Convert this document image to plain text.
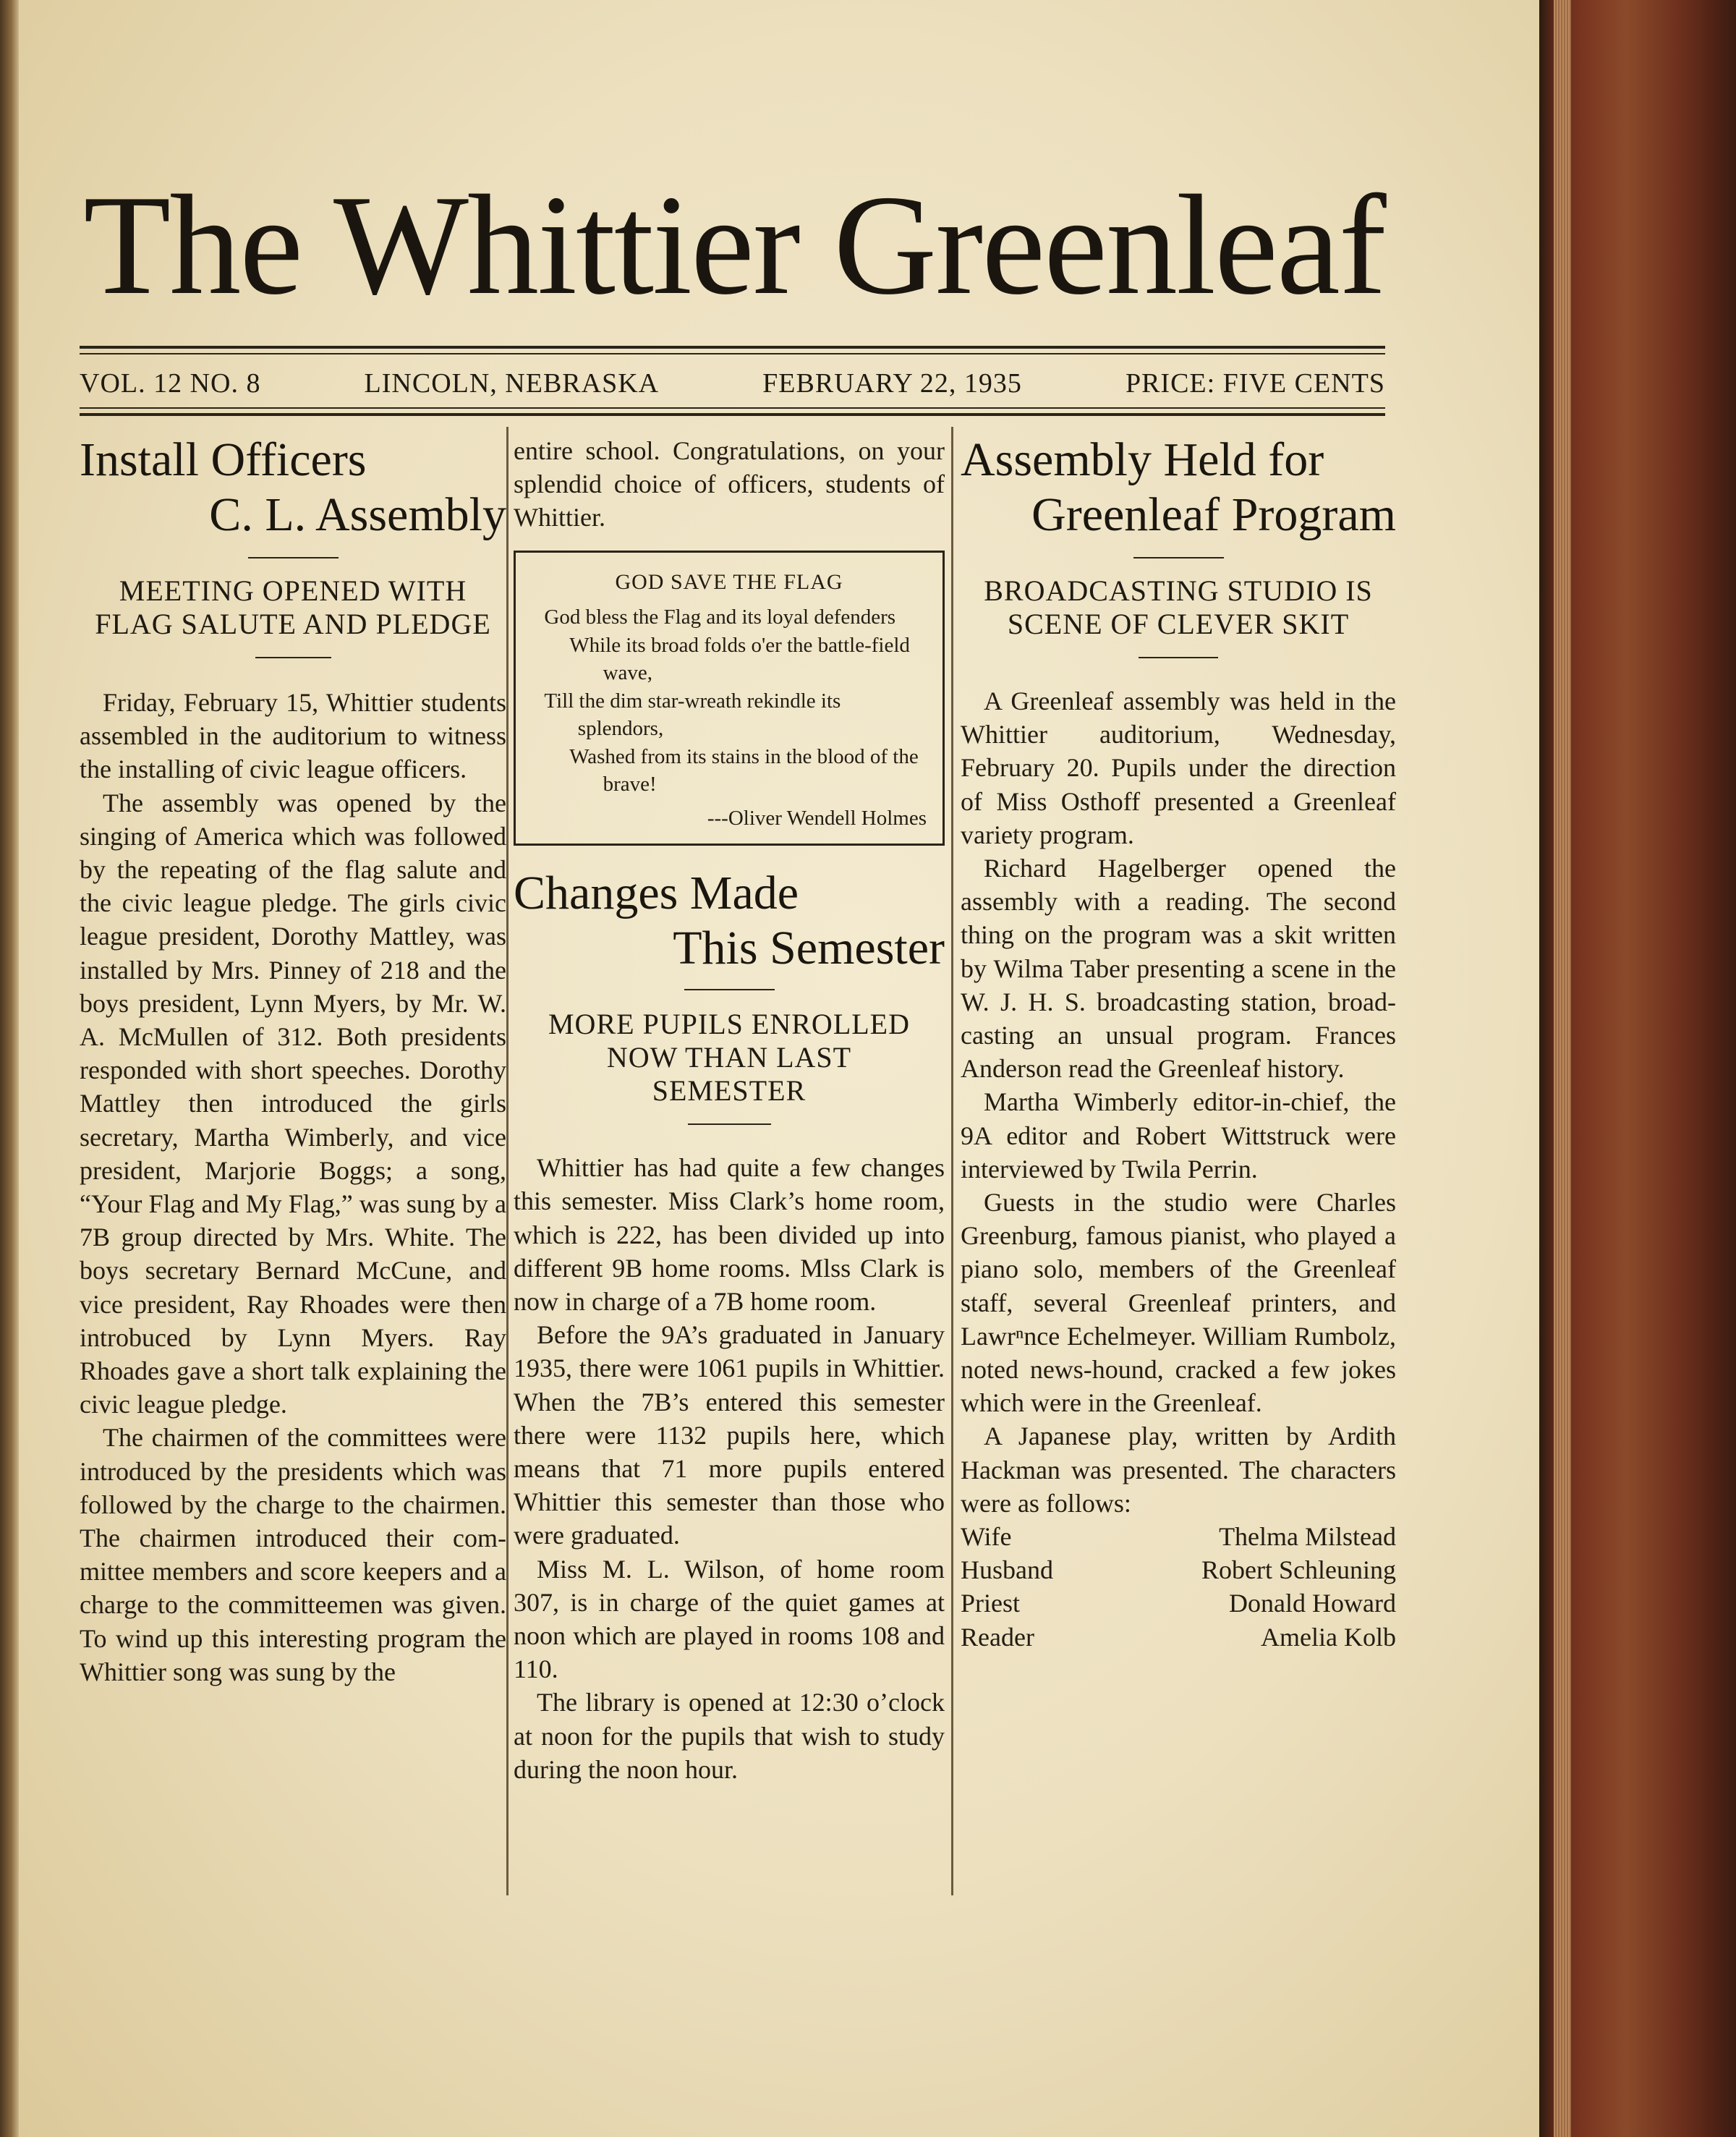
The Whittier Greenleaf
VOL. 12 NO. 8	LINCOLN, NEBRASKA	FEBRUARY 22, 1935	PRICE: FIVE CENTS
Install Officers
C. L. Assembly
MEETING OPENED WITH FLAG SALUTE AND PLEDGE

Friday, February 15, Whittier students assembled in the auditorium to witness the installing of civic league officers.

The assembly was opened by the singing of America which was followed by the repeating of the flag salute and the civic league pledge. The girls civic league president, Dorothy Mattley, was installed by Mrs. Pinney of 218 and the boys president, Lynn Myers, by Mr. W. A. McMullen of 312. Both presidents responded with short speeches. Dorothy Mattley then introduced the girls secretary, Martha Wimberly, and vice president, Marjorie Boggs; a song, “Your Flag and My Flag,” was sung by a 7B group directed by Mrs. White. The boys secretary Bernard McCune, and vice president, Ray Rhoades were then introbuced by Lynn Myers. Ray Rhoades gave a short talk explaining the civic league pledge.

The chairmen of the committees were introduced by the presidents which was followed by the charge to the chairmen. The chairmen introduced their committee members and score keepers and a charge to the committeemen was given. To wind up this interesting program the Whittier song was sung by the

entire school. Congratulations, on your splendid choice of officers, students of Whittier.

GOD SAVE THE FLAG
God bless the Flag and its loyal defenders
While its broad folds o'er the battle-field wave,
Till the dim star-wreath rekindle its splendors,
Washed from its stains in the blood of the brave!
---Oliver Wendell Holmes
Changes Made
This Semester
MORE PUPILS ENROLLED NOW THAN LAST SEMESTER

Whittier has had quite a few changes this semester. Miss Clark’s home room, which is 222, has been divided up into different 9B home rooms. Mlss Clark is now in charge of a 7B home room.

Before the 9A’s graduated in January 1935, there were 1061 pupils in Whittier. When the 7B’s entered this semester there were 1132 pupils here, which means that 71 more pupils entered Whittier this semester than those who were graduated.

Miss M. L. Wilson, of home room 307, is in charge of the quiet games at noon which are played in rooms 108 and 110.

The library is opened at 12:30 o’clock at noon for the pupils that wish to study during the noon hour.

Assembly Held for
Greenleaf Program
BROADCASTING STUDIO IS SCENE OF CLEVER SKIT

A Greenleaf assembly was held in the Whittier auditorium, Wednesday, February 20. Pupils under the direction of Miss Osthoff presented a Greenleaf variety program.

Richard Hagelberger opened the assembly with a reading. The second thing on the program was a skit written by Wilma Taber presenting a scene in the W. J. H. S. broadcasting station, broadcasting an unsual program. Frances Anderson read the Greenleaf history.

Martha Wimberly editor-in-chief, the 9A editor and Robert Wittstruck were interviewed by Twila Perrin.

Guests in the studio were Charles Greenburg, famous pianist, who played a piano solo, members of the Greenleaf staff, several Greenleaf printers, and Lawrⁿnce Echelmeyer. William Rumbolz, noted news-hound, cracked a few jokes which were in the Greenleaf.

A Japanese play, written by Ardith Hackman was presented. The characters were as follows:

Wife	Thelma Milstead
Husband	Robert Schleuning
Priest	Donald Howard
Reader	Amelia Kolb
